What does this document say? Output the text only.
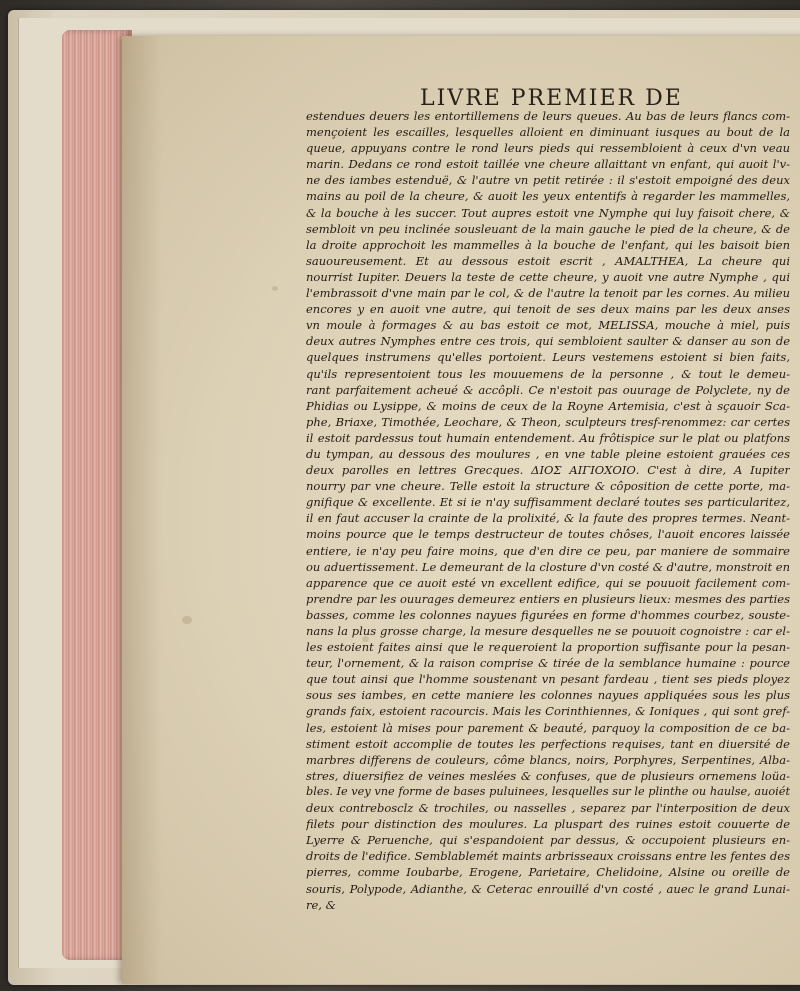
LIVRE PREMIER DE
estendues deuers les entortillemens de leurs queues. Au bas de leurs flancs com-
mençoient les escailles, lesquelles alloient en diminuant iusques au bout de la
queue, appuyans contre le rond leurs pieds qui ressembloient à ceux d'vn veau
marin. Dedans ce rond estoit taillée vne cheure allaittant vn enfant, qui auoit l'v-
ne des iambes estenduë, & l'autre vn petit retirée : il s'estoit empoigné des deux
mains au poil de la cheure, & auoit les yeux ententifs à regarder les mammelles,
& la bouche à les succer. Tout aupres estoit vne Nymphe qui luy faisoit chere, &
sembloit vn peu inclinée sousleuant de la main gauche le pied de la cheure, & de
la droite approchoit les mammelles à la bouche de l'enfant, qui les baisoit bien
sauoureusement. Et au dessous estoit escrit , AMALTHEA, La cheure qui
nourrist Iupiter. Deuers la teste de cette cheure, y auoit vne autre Nymphe , qui
l'embrassoit d'vne main par le col, & de l'autre la tenoit par les cornes. Au milieu
encores y en auoit vne autre, qui tenoit de ses deux mains par les deux anses
vn moule à formages & au bas estoit ce mot, MELISSA, mouche à miel, puis
deux autres Nymphes entre ces trois, qui sembloient saulter & danser au son de
quelques instrumens qu'elles portoient. Leurs vestemens estoient si bien faits,
qu'ils representoient tous les mouuemens de la personne , & tout le demeu-
rant parfaitement acheué & accôpli. Ce n'estoit pas ouurage de Polyclete, ny de
Phidias ou Lysippe, & moins de ceux de la Royne Artemisia, c'est à sçauoir Sca-
phe, Briaxe, Timothée, Leochare, & Theon, sculpteurs tresf-renommez: car certes
il estoit pardessus tout humain entendement. Au frôtispice sur le plat ou platfons
du tympan, au dessous des moulures , en vne table pleine estoient grauées ces
deux parolles en lettres Grecques. ΔΙΟΣ ΑΙΓΙΟΧΟΙΟ. C'est à dire, A Iupiter
nourry par vne cheure. Telle estoit la structure & côposition de cette porte, ma-
gnifique & excellente. Et si ie n'ay suffisamment declaré toutes ses particularitez,
il en faut accuser la crainte de la prolixité, & la faute des propres termes. Neant-
moins pource que le temps destructeur de toutes chôses, l'auoit encores laissée
entiere, ie n'ay peu faire moins, que d'en dire ce peu, par maniere de sommaire
ou aduertissement. Le demeurant de la closture d'vn costé & d'autre, monstroit en
apparence que ce auoit esté vn excellent edifice, qui se pouuoit facilement com-
prendre par les ouurages demeurez entiers en plusieurs lieux: mesmes des parties
basses, comme les colonnes nayues figurées en forme d'hommes courbez, souste-
nans la plus grosse charge, la mesure desquelles ne se pouuoit cognoistre : car el-
les estoient faites ainsi que le requeroient la proportion suffisante pour la pesan-
teur, l'ornement, & la raison comprise & tirée de la semblance humaine : pource
que tout ainsi que l'homme soustenant vn pesant fardeau , tient ses pieds ployez
sous ses iambes, en cette maniere les colonnes nayues appliquées sous les plus
grands faix, estoient racourcis. Mais les Corinthiennes, & Ioniques , qui sont gref-
les, estoient là mises pour parement & beauté, parquoy la composition de ce ba-
stiment estoit accomplie de toutes les perfections requises, tant en diuersité de
marbres differens de couleurs, côme blancs, noirs, Porphyres, Serpentines, Alba-
stres, diuersifiez de veines meslées & confuses, que de plusieurs ornemens loüa-
bles. Ie vey vne forme de bases puluinees, lesquelles sur le plinthe ou haulse, auoiét
deux contrebosclz & trochiles, ou nasselles , separez par l'interposition de deux
filets pour distinction des moulures. La pluspart des ruines estoit couuerte de
Lyerre & Peruenche, qui s'espandoient par dessus, & occupoient plusieurs en-
droits de l'edifice. Semblablemét maints arbrisseaux croissans entre les fentes des
pierres, comme Ioubarbe, Erogene, Parietaire, Chelidoine, Alsine ou oreille de
souris, Polypode, Adianthe, & Ceterac enrouillé d'vn costé , auec le grand Lunai-
re, &
